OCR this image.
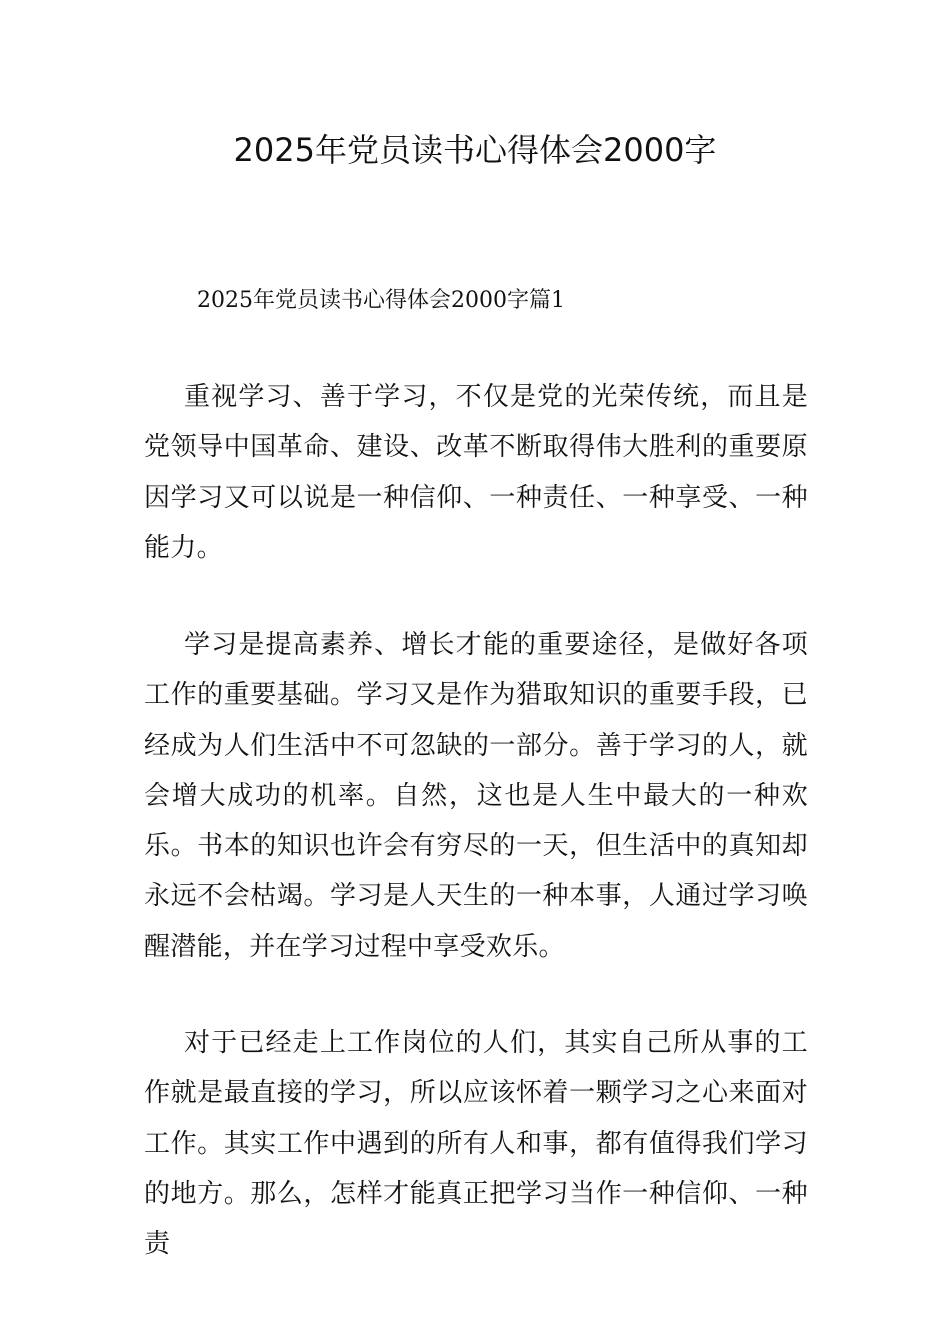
2025年党员读书心得体会2000字

2025年党员读书心得体会2000字篇1

重视学习、善于学习，不仅是党的光荣传统，而且是党领导中国革命、建设、改革不断取得伟大胜利的重要原因学习又可以说是一种信仰、一种责任、一种享受、一种能力。

学习是提高素养、增长才能的重要途径，是做好各项工作的重要基础。学习又是作为猎取知识的重要手段，已经成为人们生活中不可忽缺的一部分。善于学习的人，就会增大成功的机率。自然，这也是人生中最大的一种欢乐。书本的知识也许会有穷尽的一天，但生活中的真知却永远不会枯竭。学习是人天生的一种本事，人通过学习唤醒潜能，并在学习过程中享受欢乐。

对于已经走上工作岗位的人们，其实自己所从事的工作就是最直接的学习，所以应该怀着一颗学习之心来面对工作。其实工作中遇到的所有人和事，都有值得我们学习的地方。那么，怎样才能真正把学习当作一种信仰、一种责
